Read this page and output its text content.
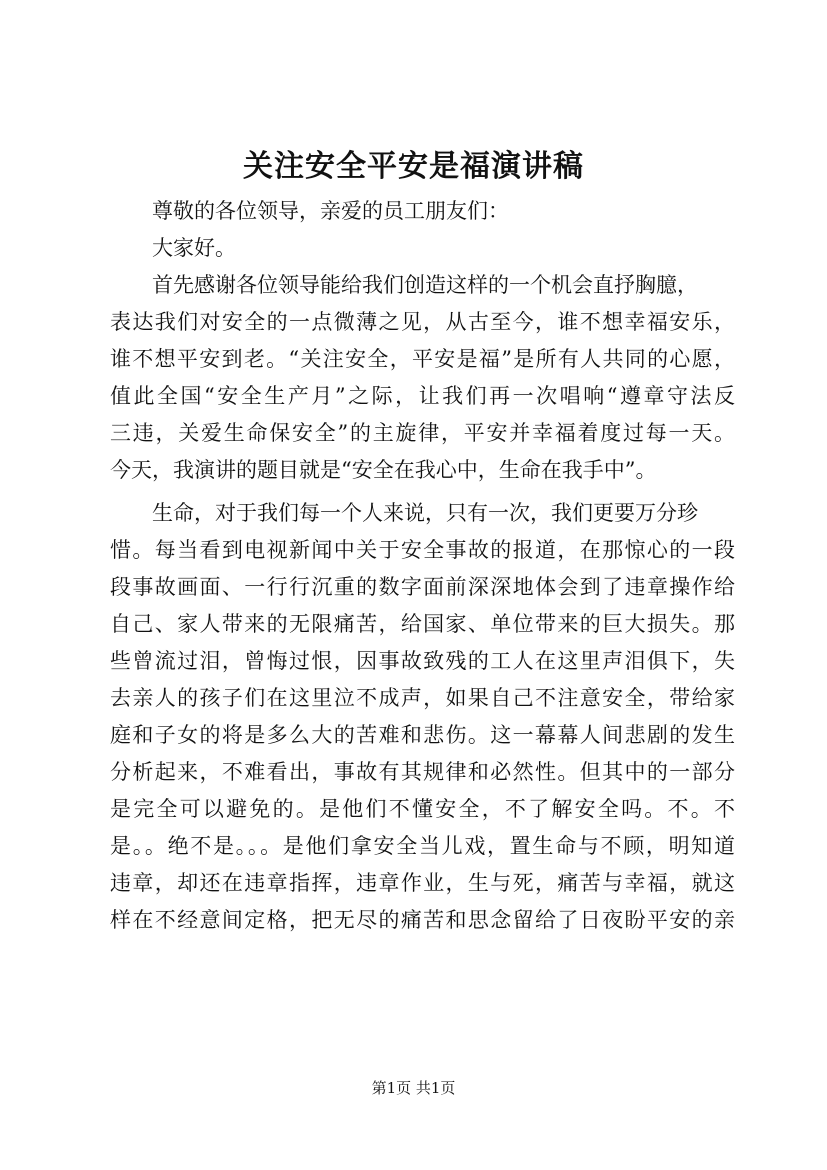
关注安全平安是福演讲稿
尊敬的各位领导，亲爱的员工朋友们：
大家好。
首先感谢各位领导能给我们创造这样的一个机会直抒胸臆，
表达我们对安全的一点微薄之见，从古至今，谁不想幸福安乐，
谁不想平安到老。“关注安全，平安是福”是所有人共同的心愿，
值此全国“安全生产月”之际，让我们再一次唱响“遵章守法反
三违，关爱生命保安全”的主旋律，平安并幸福着度过每一天。
今天，我演讲的题目就是“安全在我心中，生命在我手中”。
生命，对于我们每一个人来说，只有一次，我们更要万分珍
惜。每当看到电视新闻中关于安全事故的报道，在那惊心的一段
段事故画面、一行行沉重的数字面前深深地体会到了违章操作给
自己、家人带来的无限痛苦，给国家、单位带来的巨大损失。那
些曾流过泪，曾悔过恨，因事故致残的工人在这里声泪俱下，失
去亲人的孩子们在这里泣不成声，如果自己不注意安全，带给家
庭和子女的将是多么大的苦难和悲伤。这一幕幕人间悲剧的发生
分析起来，不难看出，事故有其规律和必然性。但其中的一部分
是完全可以避免的。是他们不懂安全，不了解安全吗。不。不
是。。绝不是。。。是他们拿安全当儿戏，置生命与不顾，明知道
违章，却还在违章指挥，违章作业，生与死，痛苦与幸福，就这
样在不经意间定格，把无尽的痛苦和思念留给了日夜盼平安的亲
第1页 共1页
